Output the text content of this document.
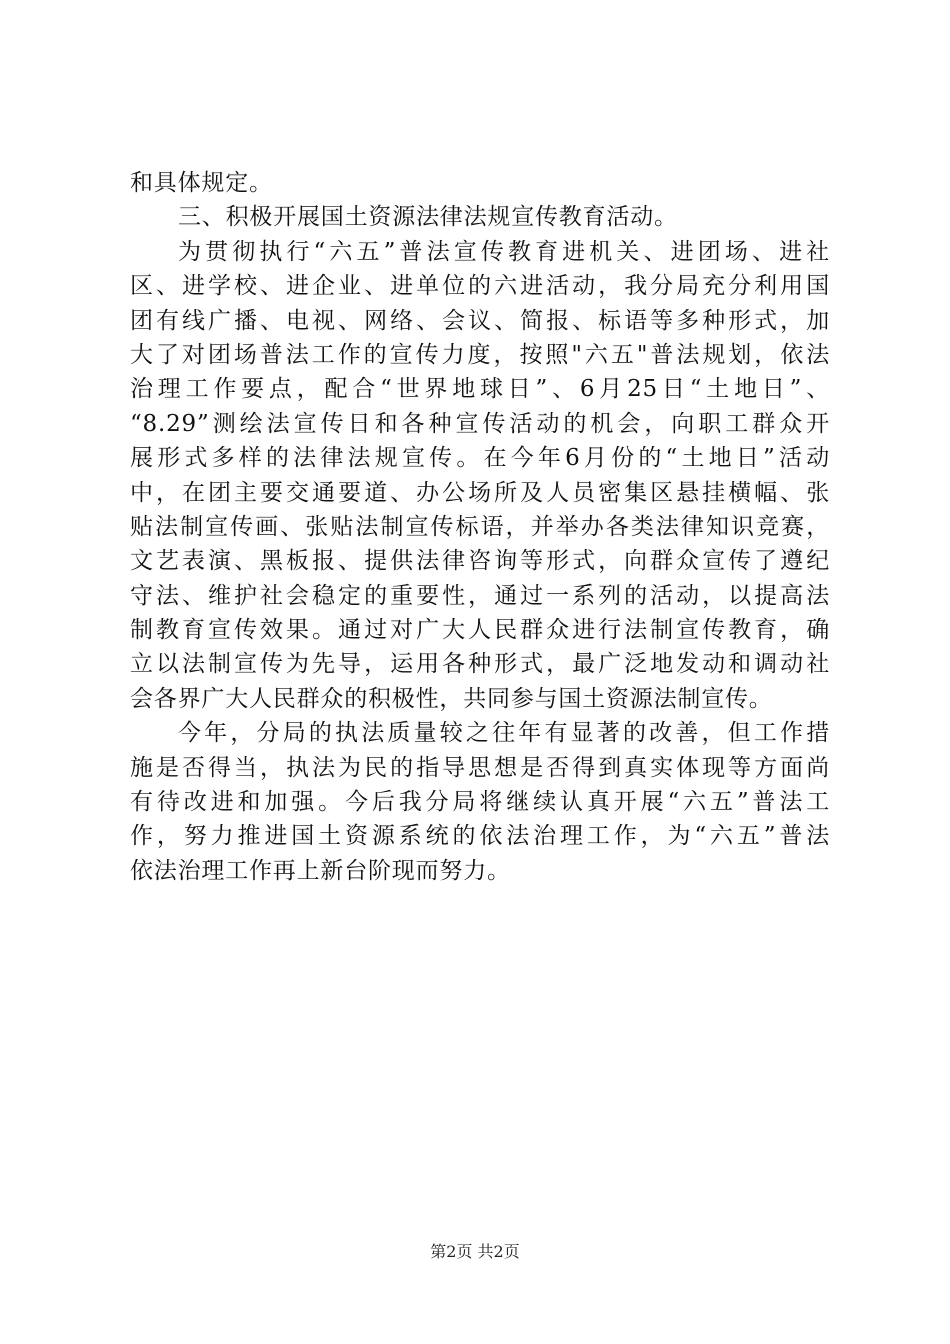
和具体规定。
三、积极开展国土资源法律法规宣传教育活动。
为贯彻执行“六五”普法宣传教育进机关、进团场、进社
区、进学校、进企业、进单位的六进活动，我分局充分利用国
团有线广播、电视、网络、会议、简报、标语等多种形式，加
大了对团场普法工作的宣传力度，按照"六五"普法规划，依法
治理工作要点，配合“世界地球日”、6月25日“土地日”、
“8.29”测绘法宣传日和各种宣传活动的机会，向职工群众开
展形式多样的法律法规宣传。在今年6月份的“土地日”活动
中，在团主要交通要道、办公场所及人员密集区悬挂横幅、张
贴法制宣传画、张贴法制宣传标语，并举办各类法律知识竞赛，
文艺表演、黑板报、提供法律咨询等形式，向群众宣传了遵纪
守法、维护社会稳定的重要性，通过一系列的活动，以提高法
制教育宣传效果。通过对广大人民群众进行法制宣传教育，确
立以法制宣传为先导，运用各种形式，最广泛地发动和调动社
会各界广大人民群众的积极性，共同参与国土资源法制宣传。
今年，分局的执法质量较之往年有显著的改善，但工作措
施是否得当，执法为民的指导思想是否得到真实体现等方面尚
有待改进和加强。今后我分局将继续认真开展“六五”普法工
作，努力推进国土资源系统的依法治理工作，为“六五”普法
依法治理工作再上新台阶现而努力。
第2页 共2页
